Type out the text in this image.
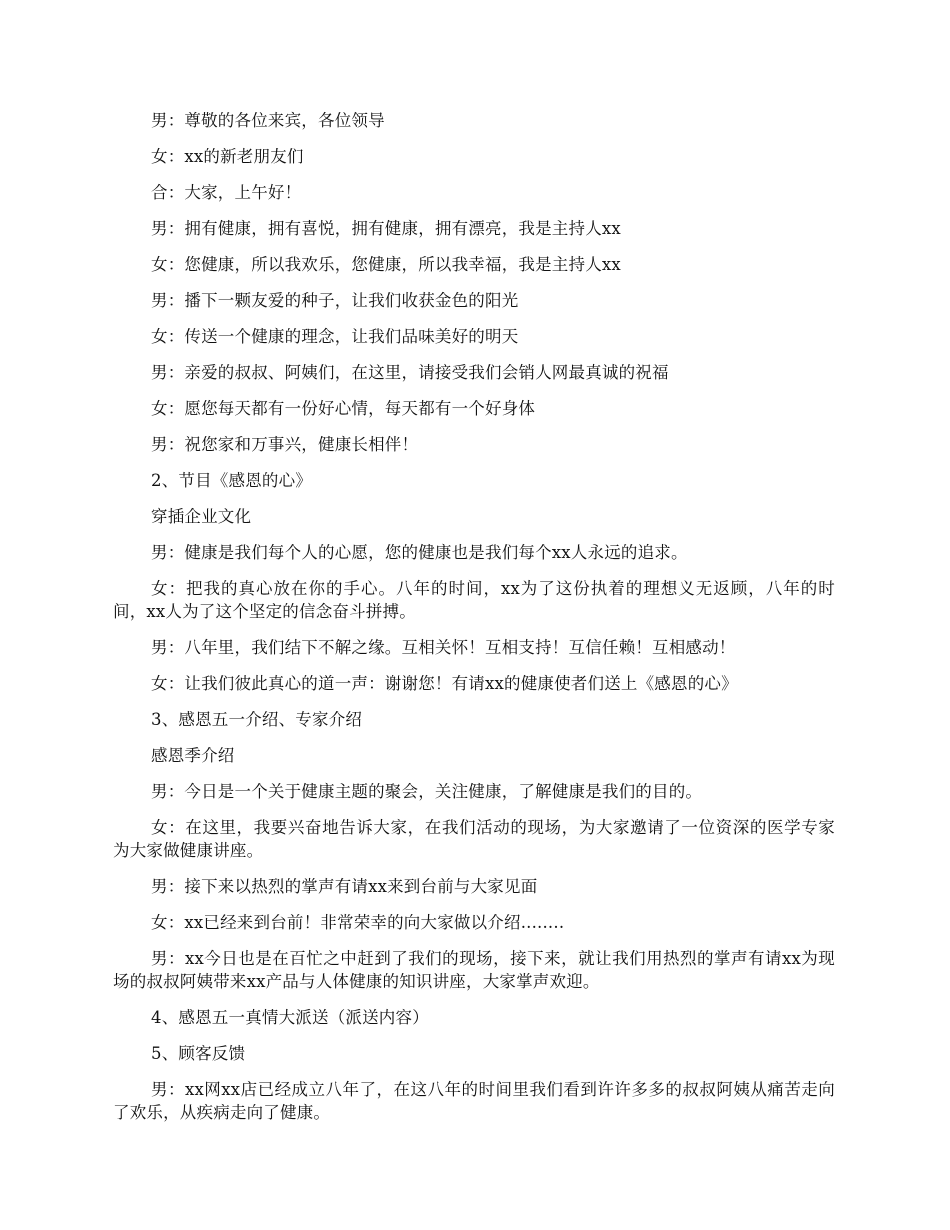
男：尊敬的各位来宾，各位领导

女：xx的新老朋友们

合：大家，上午好！

男：拥有健康，拥有喜悦，拥有健康，拥有漂亮，我是主持人xx

女：您健康，所以我欢乐，您健康，所以我幸福，我是主持人xx

男：播下一颗友爱的种子，让我们收获金色的阳光

女：传送一个健康的理念，让我们品味美好的明天

男：亲爱的叔叔、阿姨们，在这里，请接受我们会销人网最真诚的祝福

女：愿您每天都有一份好心情，每天都有一个好身体

男：祝您家和万事兴，健康长相伴！

2、节目《感恩的心》

穿插企业文化

男：健康是我们每个人的心愿，您的健康也是我们每个xx人永远的追求。

女：把我的真心放在你的手心。八年的时间，xx为了这份执着的理想义无返顾，八年的时间，xx人为了这个坚定的信念奋斗拼搏。

男：八年里，我们结下不解之缘。互相关怀！互相支持！互信任赖！互相感动！

女：让我们彼此真心的道一声：谢谢您！有请xx的健康使者们送上《感恩的心》

3、感恩五一介绍、专家介绍

感恩季介绍

男：今日是一个关于健康主题的聚会，关注健康，了解健康是我们的目的。

女：在这里，我要兴奋地告诉大家，在我们活动的现场，为大家邀请了一位资深的医学专家为大家做健康讲座。

男：接下来以热烈的掌声有请xx来到台前与大家见面

女：xx已经来到台前！非常荣幸的向大家做以介绍........

男：xx今日也是在百忙之中赶到了我们的现场，接下来，就让我们用热烈的掌声有请xx为现场的叔叔阿姨带来xx产品与人体健康的知识讲座，大家掌声欢迎。

4、感恩五一真情大派送（派送内容）

5、顾客反馈

男：xx网xx店已经成立八年了，在这八年的时间里我们看到许许多多的叔叔阿姨从痛苦走向了欢乐，从疾病走向了健康。
